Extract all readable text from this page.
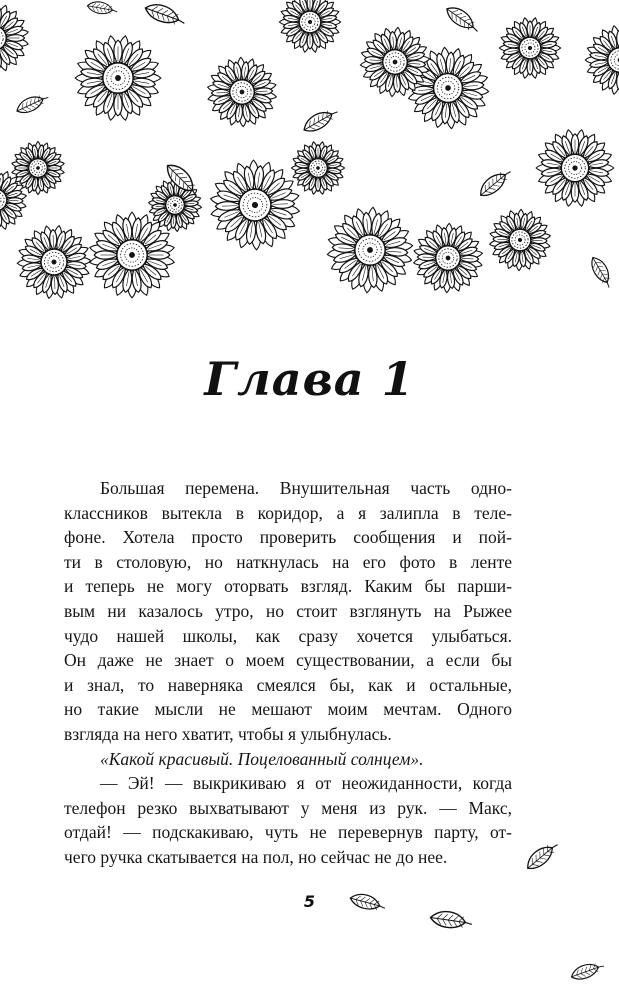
Глава 1

Большая перемена. Внушительная часть одно-

классников вытекла в коридор, а я залипла в теле-
фоне. Хотела просто проверить сообщения и пой-
ти в столовую, но наткнулась на его фото в ленте
и теперь не могу оторвать взгляд. Каким бы парши-
вым ни казалось утро, но стоит взглянуть на Рыжее
чудо нашей школы, как сразу хочется улыбаться.
Он даже не знает о моем существовании, а если бы
и знал, то наверняка смеялся бы, как и остальные,
но такие мысли не мешают моим мечтам. Одного
взгляда на него хватит, чтобы я улыбнулась.

«Какой красивый. Поцелованный солнцем».

— Эй! — выкрикиваю я от неожиданности, когда

телефон резко выхватывают у меня из рук. — Макс,
отдай! — подскакиваю, чуть не перевернув парту, от-
чего ручка скатывается на пол, но сейчас не до нее.

5
